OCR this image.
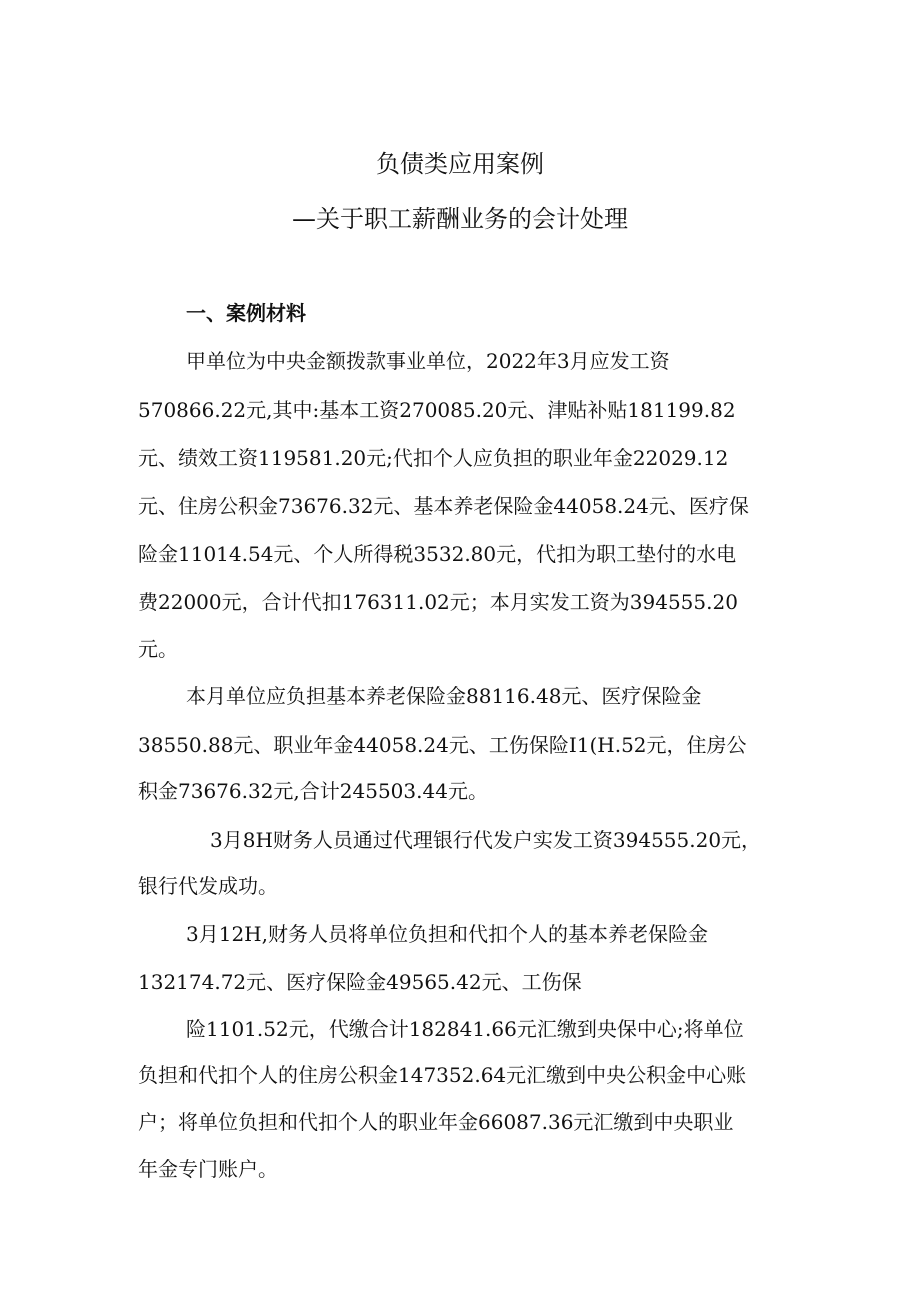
负债类应用案例
—关于职工薪酬业务的会计处理
一、案例材料
甲单位为中央金额拨款事业单位，2022年3月应发工资
570866.22元,其中:基本工资270085.20元、津贴补贴181199.82
元、绩效工资119581.20元;代扣个人应负担的职业年金22029.12
元、住房公积金73676.32元、基本养老保险金44058.24元、医疗保
险金11014.54元、个人所得税3532.80元，代扣为职工垫付的水电
费22000元，合计代扣176311.02元；本月实发工资为394555.20
元。
本月单位应负担基本养老保险金88116.48元、医疗保险金
38550.88元、职业年金44058.24元、工伤保险I1(H.52元，住房公
积金73676.32元,合计245503.44元。
3月8H财务人员通过代理银行代发户实发工资394555.20元，
银行代发成功。
3月12H,财务人员将单位负担和代扣个人的基本养老保险金
132174.72元、医疗保险金49565.42元、工伤保
险1101.52元，代缴合计182841.66元汇缴到央保中心;将单位
负担和代扣个人的住房公积金147352.64元汇缴到中央公积金中心账
户；将单位负担和代扣个人的职业年金66087.36元汇缴到中央职业
年金专门账户。
